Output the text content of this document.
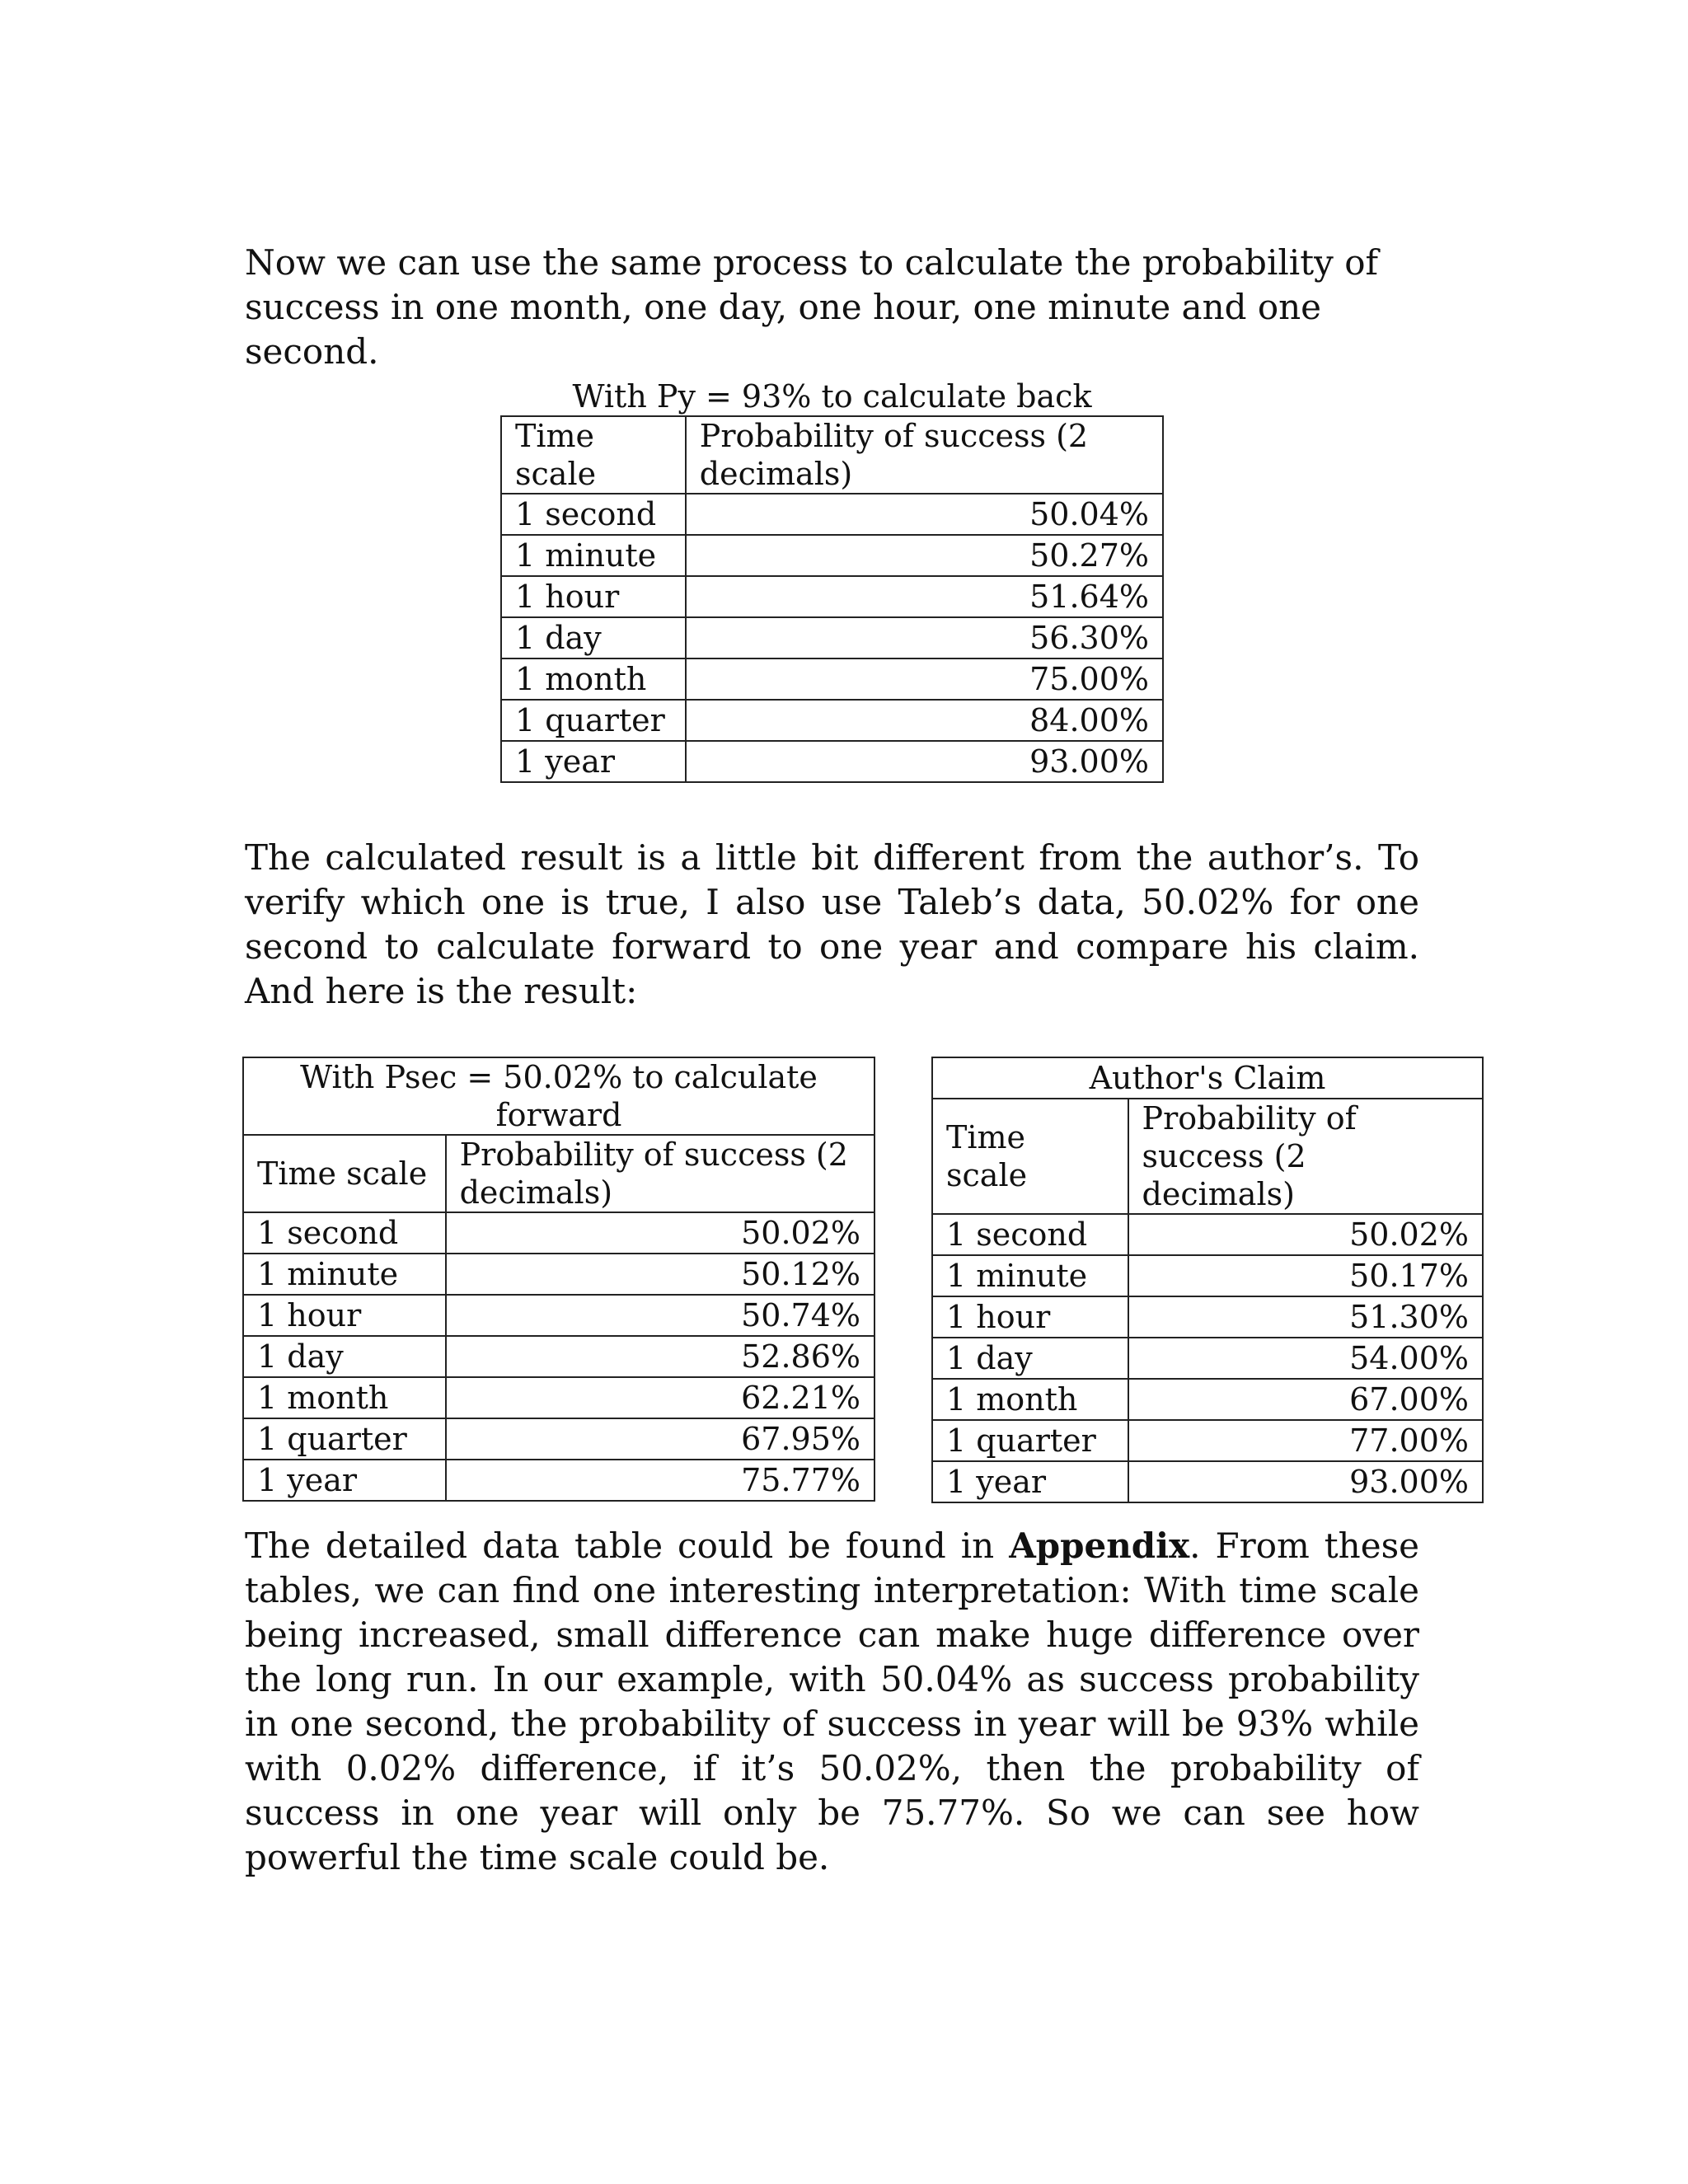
Now we can use the same process to calculate the probability of success in one month, one day, one hour, one minute and one second.

With Py = 93% to calculate back
Time scale	Probability of success (2 decimals)
1 second	50.04%
1 minute	50.27%
1 hour	51.64%
1 day	56.30%
1 month	75.00%
1 quarter	84.00%
1 year	93.00%

The calculated result is a little bit different from the author’s. To verify which one is true, I also use Taleb’s data, 50.02% for one second to calculate forward to one year and compare his claim. And here is the result:

With Psec = 50.02% to calculate forward	
Time scale	Probability of success (2 decimals)
1 second	50.02%
1 minute	50.12%
1 hour	50.74%
1 day	52.86%
1 month	62.21%
1 quarter	67.95%
1 year	75.77%
Author's Claim	
Time scale	Probability of success (2 decimals)
1 second	50.02%
1 minute	50.17%
1 hour	51.30%
1 day	54.00%
1 month	67.00%
1 quarter	77.00%
1 year	93.00%

The detailed data table could be found in Appendix. From these tables, we can find one interesting interpretation: With time scale being increased, small difference can make huge difference over the long run. In our example, with 50.04% as success probability in one second, the probability of success in year will be 93% while with 0.02% difference, if it’s 50.02%, then the probability of success in one year will only be 75.77%. So we can see how powerful the time scale could be.
